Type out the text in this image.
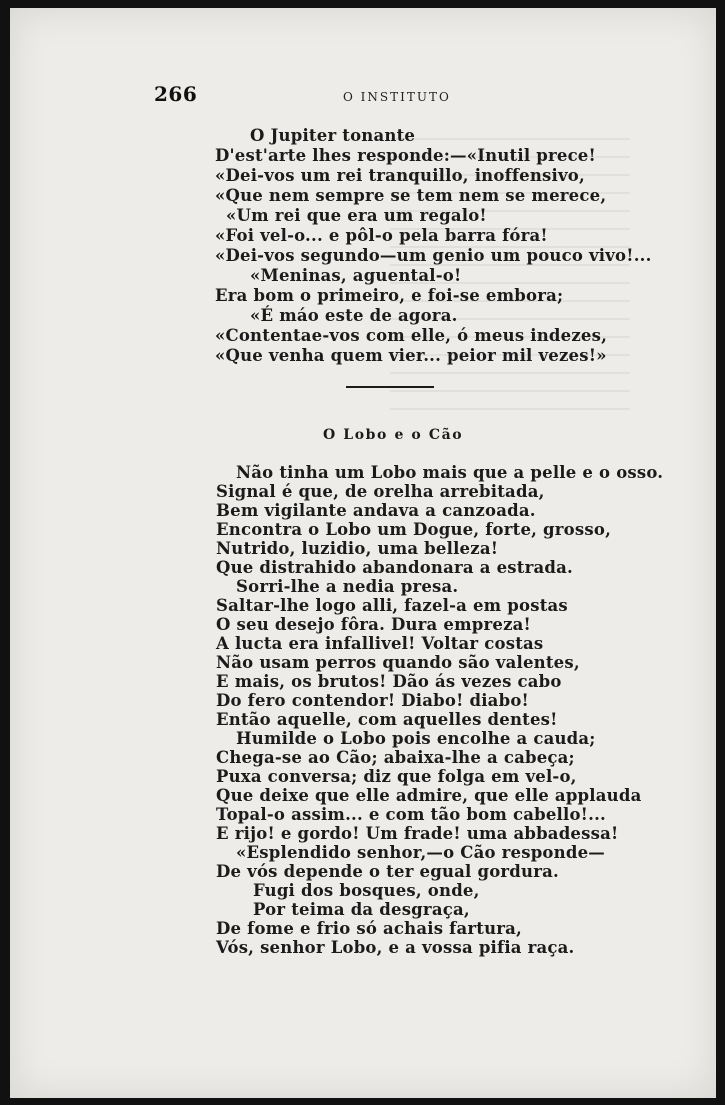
266	O INSTITUTO
O Jupiter tonante
D'est'arte lhes responde:—«Inutil prece!
«Dei-vos um rei tranquillo, inoffensivo,
«Que nem sempre se tem nem se merece,
«Um rei que era um regalo!
«Foi vel-o... e pôl-o pela barra fóra!
«Dei-vos segundo—um genio um pouco vivo!...
«Meninas, aguental-o!
Era bom o primeiro, e foi-se embora;
«É máo este de agora.
«Contentae-vos com elle, ó meus indezes,
«Que venha quem vier... peior mil vezes!»
O Lobo e o Cão
Não tinha um Lobo mais que a pelle e o osso.
Signal é que, de orelha arrebitada,
Bem vigilante andava a canzoada.
Encontra o Lobo um Dogue, forte, grosso,
Nutrido, luzidio, uma belleza!
Que distrahido abandonara a estrada.
Sorri-lhe a nedia presa.
Saltar-lhe logo alli, fazel-a em postas
O seu desejo fôra. Dura empreza!
A lucta era infallivel! Voltar costas
Não usam perros quando são valentes,
E mais, os brutos! Dão ás vezes cabo
Do fero contendor! Diabo! diabo!
Então aquelle, com aquelles dentes!
Humilde o Lobo pois encolhe a cauda;
Chega-se ao Cão; abaixa-lhe a cabeça;
Puxa conversa; diz que folga em vel-o,
Que deixe que elle admire, que elle applauda
Topal-o assim... e com tão bom cabello!...
E rijo! e gordo! Um frade! uma abbadessa!
«Esplendido senhor,—o Cão responde—
De vós depende o ter egual gordura.
Fugi dos bosques, onde,
Por teima da desgraça,
De fome e frio só achais fartura,
Vós, senhor Lobo, e a vossa pifia raça.
